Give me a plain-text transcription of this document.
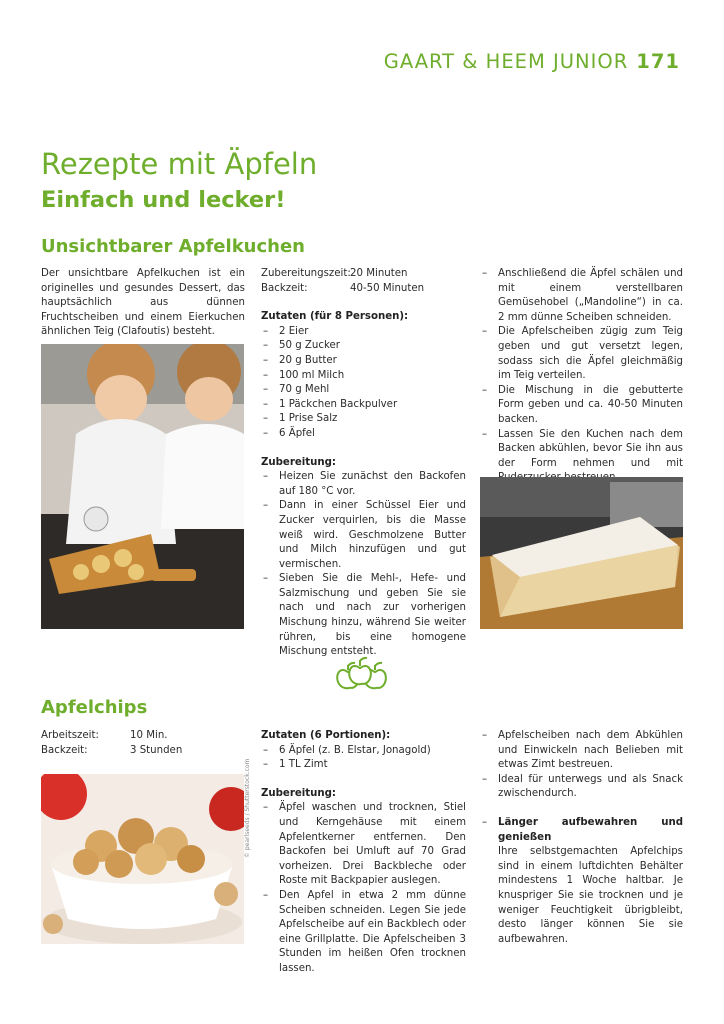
GAART & HEEM JUNIOR 171
Rezepte mit Äpfeln
Einfach und lecker!
Unsichtbarer Apfelkuchen
Der unsichtbare Apfelkuchen ist ein originelles und gesundes Dessert, das hauptsächlich aus dünnen Fruchtscheiben und einem Eierkuchen ähnlichen Teig (Clafoutis) besteht.
Zubereitungszeit: 20 Minuten
Backzeit:	40-50 Minuten
Zutaten (für 8 Personen):
– 2 Eier
– 50 g Zucker
– 20 g Butter
– 100 ml Milch
– 70 g Mehl
– 1 Päckchen Backpulver
– 1 Prise Salz
– 6 Äpfel
Zubereitung:
– Heizen Sie zunächst den Backofen auf 180 °C vor.
– Dann in einer Schüssel Eier und Zucker verquirlen, bis die Masse weiß wird. Geschmolzene Butter und Milch hinzufügen und gut vermischen.
– Sieben Sie die Mehl-, Hefe- und Salzmischung und geben Sie sie nach und nach zur vorherigen Mischung hinzu, während Sie weiter rühren, bis eine homogene Mischung entsteht.
– Anschließend die Äpfel schälen und mit einem verstellbaren Gemüsehobel („Mandoline“) in ca. 2 mm dünne Scheiben schneiden.
– Die Apfelscheiben zügig zum Teig geben und gut versetzt legen, sodass sich die Äpfel gleichmäßig im Teig verteilen.
– Die Mischung in die gebutterte Form geben und ca. 40-50 Minuten backen.
– Lassen Sie den Kuchen nach dem Backen abkühlen, bevor Sie ihn aus der Form nehmen und mit
Apfelchips
Arbeitszeit:	10 Min.
Backzeit:	3 Stunden
© pearlseeds / Shutterstock.com
Zutaten (6 Portionen):
– 6 Äpfel (z. B. Elstar, Jonagold)
– 1 TL Zimt
Zubereitung:
– Äpfel waschen und trocknen, Stiel und Kerngehäuse mit einem Apfelentkerner entfernen. Den Backofen bei Umluft auf 70 Grad vorheizen. Drei Backbleche oder Roste mit Backpapier auslegen.
– Den Apfel in etwa 2 mm dünne Scheiben schneiden. Legen Sie jede Apfelscheibe auf ein Backblech oder eine Grillplatte. Die Apfelscheiben 3 Stunden im heißen Ofen trocknen lassen.
– Apfelscheiben nach dem Abkühlen und Einwickeln nach Belieben mit etwas Zimt bestreuen.
– Ideal für unterwegs und als Snack zwischendurch.
– Länger aufbewahren und genießen
Ihre selbstgemachten Apfelchips sind in einem luftdichten Behälter mindestens 1 Woche haltbar. Je knuspriger Sie sie trocknen und je weniger Feuchtigkeit übrigbleibt, desto länger können Sie sie aufbewahren.
